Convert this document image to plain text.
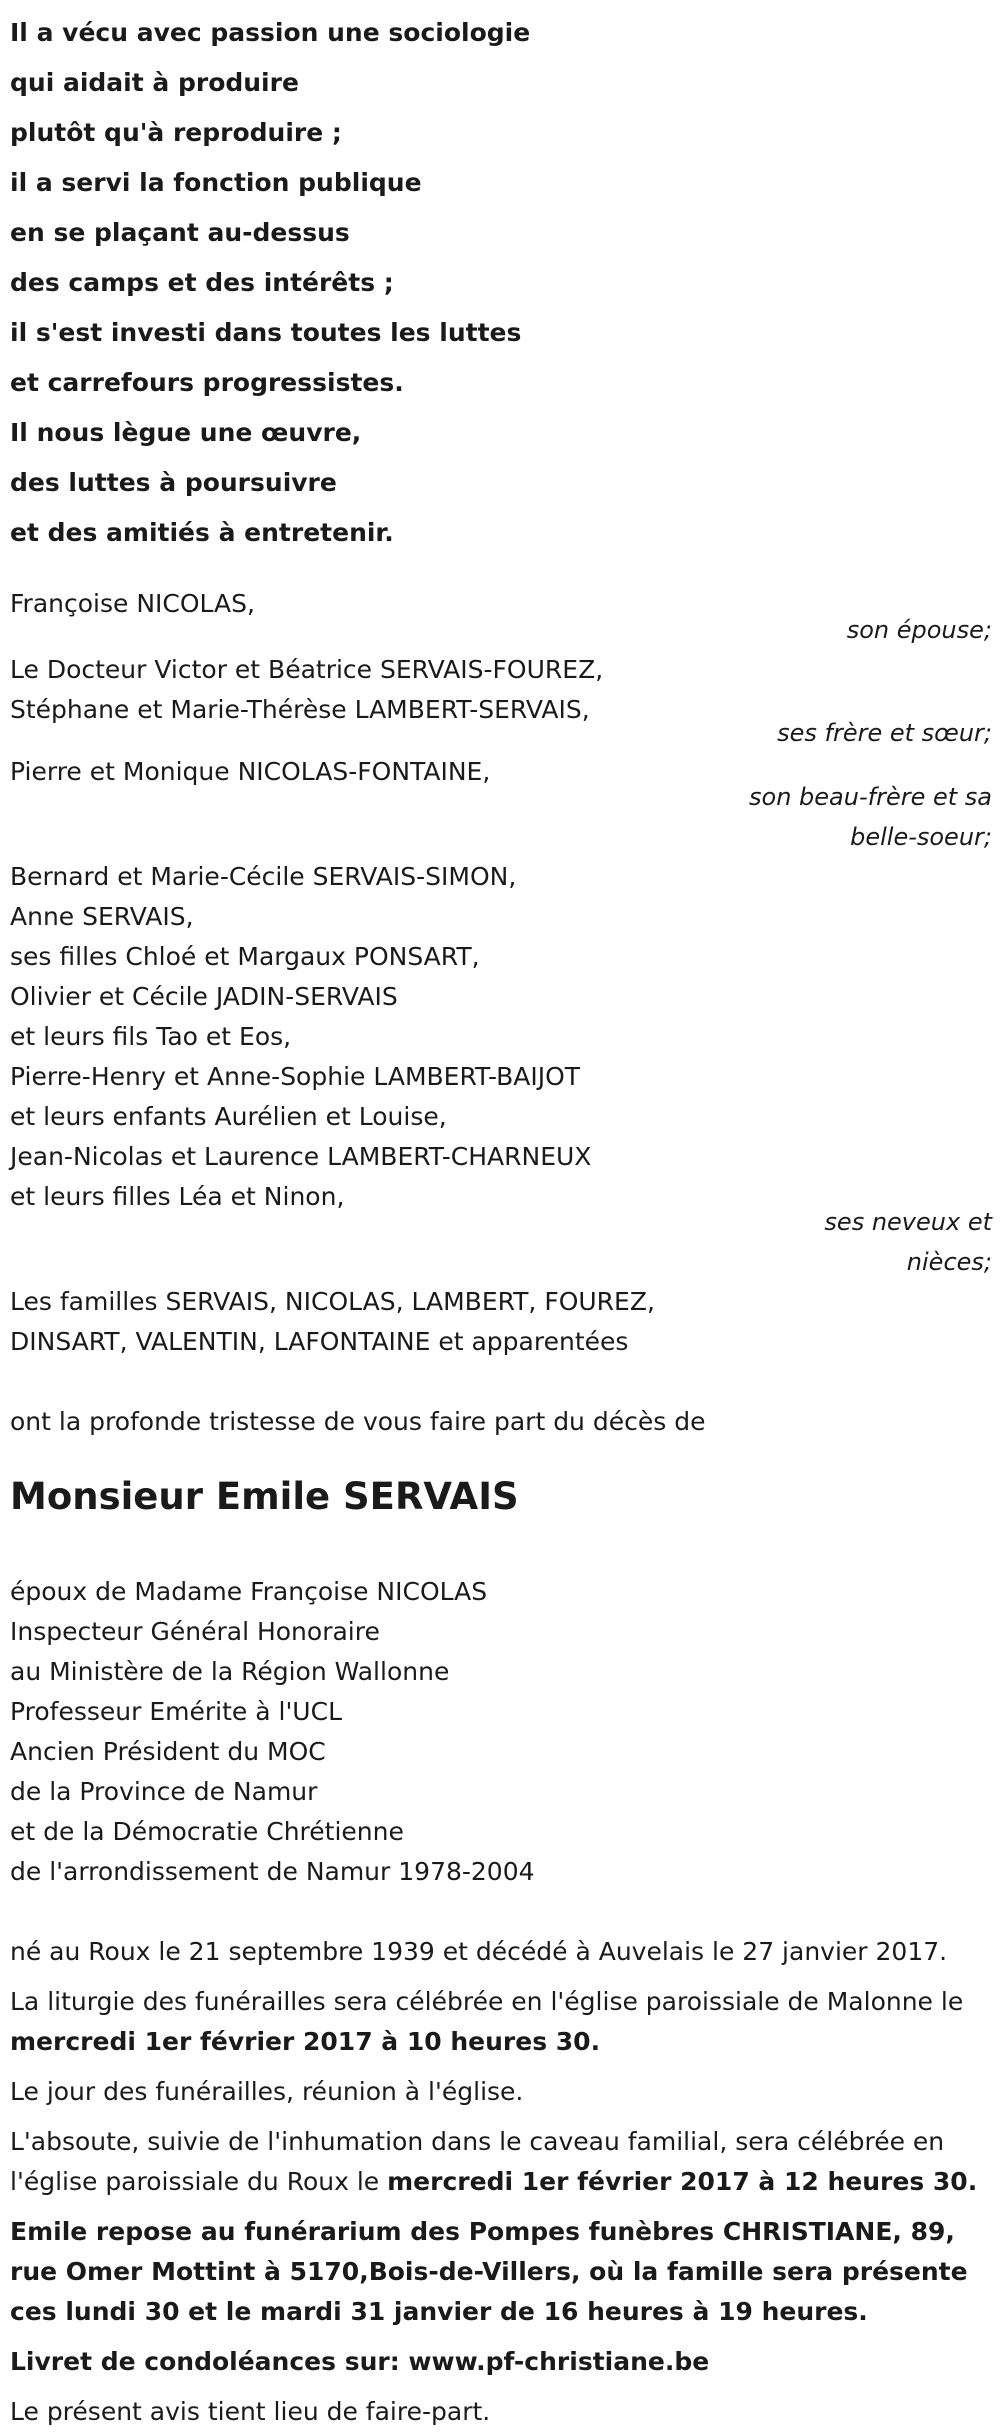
Il a vécu avec passion une sociologie
qui aidait à produire
plutôt qu'à reproduire ;
il a servi la fonction publique
en se plaçant au-dessus
des camps et des intérêts ;
il s'est investi dans toutes les luttes
et carrefours progressistes.
Il nous lègue une œuvre,
des luttes à poursuivre
et des amitiés à entretenir.
Françoise NICOLAS,
son épouse;
Le Docteur Victor et Béatrice SERVAIS-FOUREZ,
Stéphane et Marie-Thérèse LAMBERT-SERVAIS,
ses frère et sœur;
Pierre et Monique NICOLAS-FONTAINE,
son beau-frère et sa
belle-soeur;
Bernard et Marie-Cécile SERVAIS-SIMON,
Anne SERVAIS,
ses filles Chloé et Margaux PONSART,
Olivier et Cécile JADIN-SERVAIS
et leurs fils Tao et Eos,
Pierre-Henry et Anne-Sophie LAMBERT-BAIJOT
et leurs enfants Aurélien et Louise,
Jean-Nicolas et Laurence LAMBERT-CHARNEUX
et leurs filles Léa et Ninon,
ses neveux et
nièces;
Les familles SERVAIS, NICOLAS, LAMBERT, FOUREZ,
DINSART, VALENTIN, LAFONTAINE et apparentées
ont la profonde tristesse de vous faire part du décès de
Monsieur Emile SERVAIS
époux de Madame Françoise NICOLAS
Inspecteur Général Honoraire
au Ministère de la Région Wallonne
Professeur Emérite à l'UCL
Ancien Président du MOC
de la Province de Namur
et de la Démocratie Chrétienne
de l'arrondissement de Namur 1978-2004
né au Roux le 21 septembre 1939 et décédé à Auvelais le 27 janvier 2017.
La liturgie des funérailles sera célébrée en l'église paroissiale de Malonne le mercredi 1er février 2017 à 10 heures 30.
Le jour des funérailles, réunion à l'église.
L'absoute, suivie de l'inhumation dans le caveau familial, sera célébrée en l'église paroissiale du Roux le mercredi 1er février 2017 à 12 heures 30.
Emile repose au funérarium des Pompes funèbres CHRISTIANE, 89, rue Omer Mottint à 5170,Bois-de-Villers, où la famille sera présente ces lundi 30 et le mardi 31 janvier de 16 heures à 19 heures.
Livret de condoléances sur: www.pf-christiane.be
Le présent avis tient lieu de faire-part.
